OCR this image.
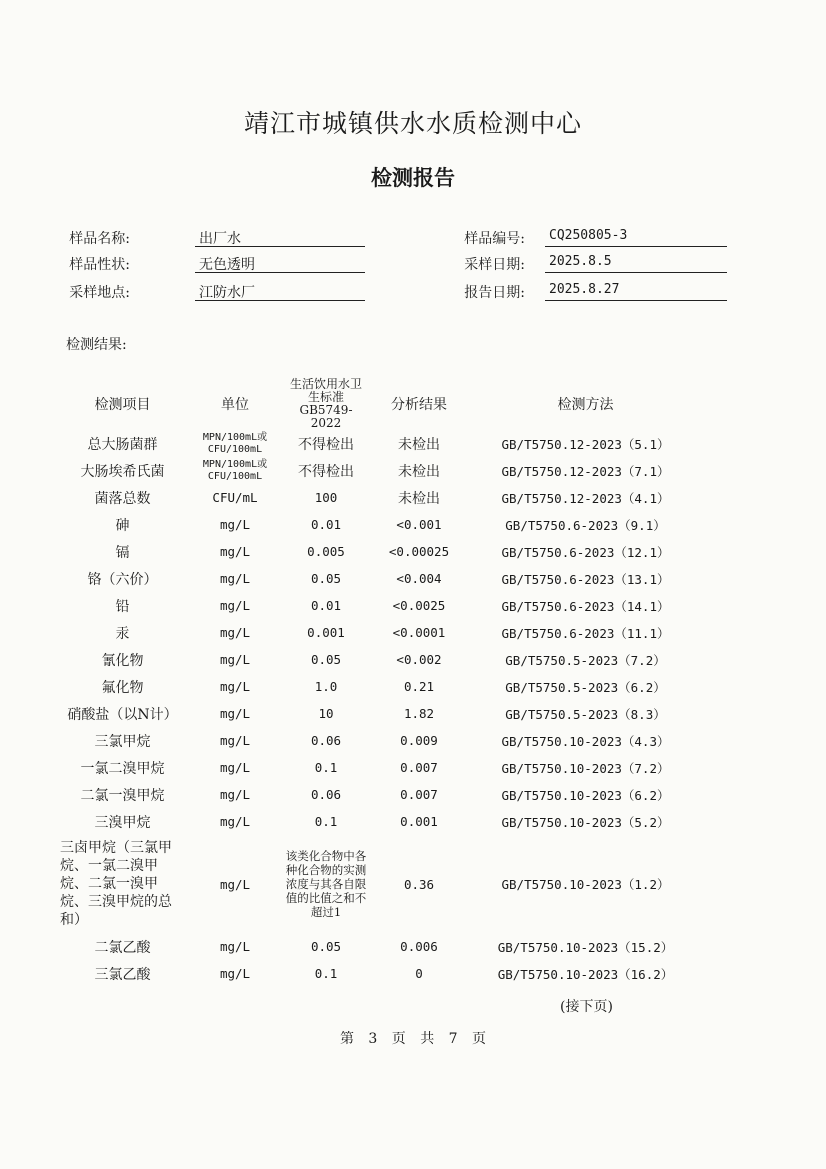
靖江市城镇供水水质检测中心
检测报告
样品名称:	出厂水
样品性状:	无色透明
采样地点:	江防水厂
样品编号:	CQ250805-3
采样日期:	2025.8.5
报告日期:	2025.8.27
检测结果:
检测项目	单位	生活饮用水卫生标准GB5749-2022	分析结果	检测方法
总大肠菌群	MPN/100mL或CFU/100mL	不得检出	未检出	GB/T5750.12-2023（5.1）
大肠埃希氏菌	MPN/100mL或CFU/100mL	不得检出	未检出	GB/T5750.12-2023（7.1）
菌落总数	CFU/mL	100	未检出	GB/T5750.12-2023（4.1）
砷	mg/L	0.01	<0.001	GB/T5750.6-2023（9.1）
镉	mg/L	0.005	<0.00025	GB/T5750.6-2023（12.1）
铬（六价）	mg/L	0.05	<0.004	GB/T5750.6-2023（13.1）
铅	mg/L	0.01	<0.0025	GB/T5750.6-2023（14.1）
汞	mg/L	0.001	<0.0001	GB/T5750.6-2023（11.1）
氰化物	mg/L	0.05	<0.002	GB/T5750.5-2023（7.2）
氟化物	mg/L	1.0	0.21	GB/T5750.5-2023（6.2）
硝酸盐（以N计）	mg/L	10	1.82	GB/T5750.5-2023（8.3）
三氯甲烷	mg/L	0.06	0.009	GB/T5750.10-2023（4.3）
一氯二溴甲烷	mg/L	0.1	0.007	GB/T5750.10-2023（7.2）
二氯一溴甲烷	mg/L	0.06	0.007	GB/T5750.10-2023（6.2）
三溴甲烷	mg/L	0.1	0.001	GB/T5750.10-2023（5.2）
三卤甲烷（三氯甲烷、一氯二溴甲烷、二氯一溴甲烷、三溴甲烷的总和）	mg/L	该类化合物中各种化合物的实测浓度与其各自限值的比值之和不超过1	0.36	GB/T5750.10-2023（1.2）
二氯乙酸	mg/L	0.05	0.006	GB/T5750.10-2023（15.2）
三氯乙酸	mg/L	0.1	0	GB/T5750.10-2023（16.2）
(接下页)
第 3 页 共 7 页
